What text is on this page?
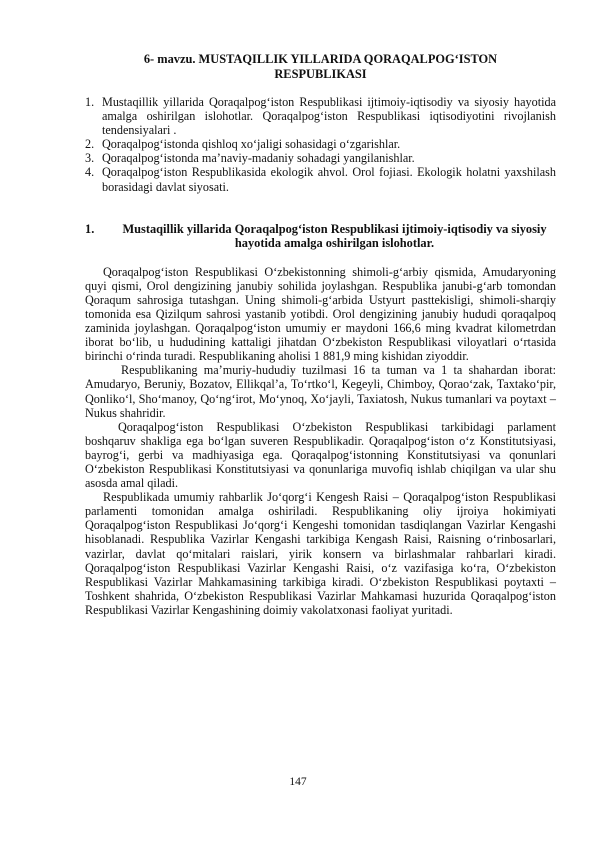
6- mavzu. MUSTAQILLIK YILLARIDA QORAQALPOG‘ISTON
RESPUBLIKASI
1. Mustaqillik yillarida Qoraqalpog‘iston Respublikasi ijtimoiy-iqtisodiy va siyosiy hayotida amalga oshirilgan islohotlar. Qoraqalpog‘iston Respublikasi iqtisodiyotini rivojlanish tendensiyalari .
2. Qoraqalpog‘istonda qishloq xo‘jaligi sohasidagi o‘zgarishlar.
3. Qoraqalpog‘istonda ma’naviy-madaniy sohadagi yangilanishlar.
4. Qoraqalpog‘iston Respublikasida ekologik ahvol. Orol fojiasi. Ekologik holatni yaxshilash borasidagi davlat siyosati.
1.	Mustaqillik yillarida Qoraqalpog‘iston Respublikasi ijtimoiy-iqtisodiy va siyosiy hayotida amalga oshirilgan islohotlar.

Qoraqalpog‘iston Respublikasi O‘zbekistonning shimoli-g‘arbiy qismida, Amudaryoning quyi qismi, Orol dengizining janubiy sohilida joylashgan. Respublika janubi-g‘arb tomondan Qoraqum sahrosiga tutashgan. Uning shimoli-g‘arbida Ustyurt pasttekisligi, shimoli-sharqiy tomonida esa Qizilqum sahrosi yastanib yotibdi. Orol dengizining janubiy hududi qoraqalpoq zaminida joylashgan. Qoraqalpog‘iston umumiy er maydoni 166,6 ming kvadrat kilometrdan iborat bo‘lib, u hududining kattaligi jihatdan O‘zbekiston Respublikasi viloyatlari o‘rtasida birinchi o‘rinda turadi. Respublikaning aholisi 1 881,9 ming kishidan ziyoddir.

Respublikaning ma’muriy-hududiy tuzilmasi 16 ta tuman va 1 ta shahardan iborat: Amudaryo, Beruniy, Bozatov, Ellikqal’a, To‘rtko‘l, Kegeyli, Chimboy, Qorao‘zak, Taxtako‘pir, Qonliko‘l, Sho‘manoy, Qo‘ng‘irot, Mo‘ynoq, Xo‘jayli, Taxiatosh, Nukus tumanlari va poytaxt – Nukus shahridir.

Qoraqalpog‘iston Respublikasi O‘zbekiston Respublikasi tarkibidagi parlament boshqaruv shakliga ega bo‘lgan suveren Respublikadir. Qoraqalpog‘iston o‘z Konstitutsiyasi, bayrog‘i, gerbi va madhiyasiga ega. Qoraqalpog‘istonning Konstitutsiyasi va qonunlari O‘zbekiston Respublikasi Konstitutsiyasi va qonunlariga muvofiq ishlab chiqilgan va ular shu asosda amal qiladi.

Respublikada umumiy rahbarlik Jo‘qorg‘i Kengesh Raisi – Qoraqalpog‘iston Respublikasi parlamenti tomonidan amalga oshiriladi. Respublikaning oliy ijroiya hokimiyati Qoraqalpog‘iston Respublikasi Jo‘qorg‘i Kengeshi tomonidan tasdiqlangan Vazirlar Kengashi hisoblanadi. Respublika Vazirlar Kengashi tarkibiga Kengash Raisi, Raisning o‘rinbosarlari, vazirlar, davlat qo‘mitalari raislari, yirik konsern va birlashmalar rahbarlari kiradi. Qoraqalpog‘iston Respublikasi Vazirlar Kengashi Raisi, o‘z vazifasiga ko‘ra, O‘zbekiston Respublikasi Vazirlar Mahkamasining tarkibiga kiradi. O‘zbekiston Respublikasi poytaxti – Toshkent shahrida, O‘zbekiston Respublikasi Vazirlar Mahkamasi huzurida Qoraqalpog‘iston Respublikasi Vazirlar Kengashining doimiy vakolatxonasi faoliyat yuritadi.

147
